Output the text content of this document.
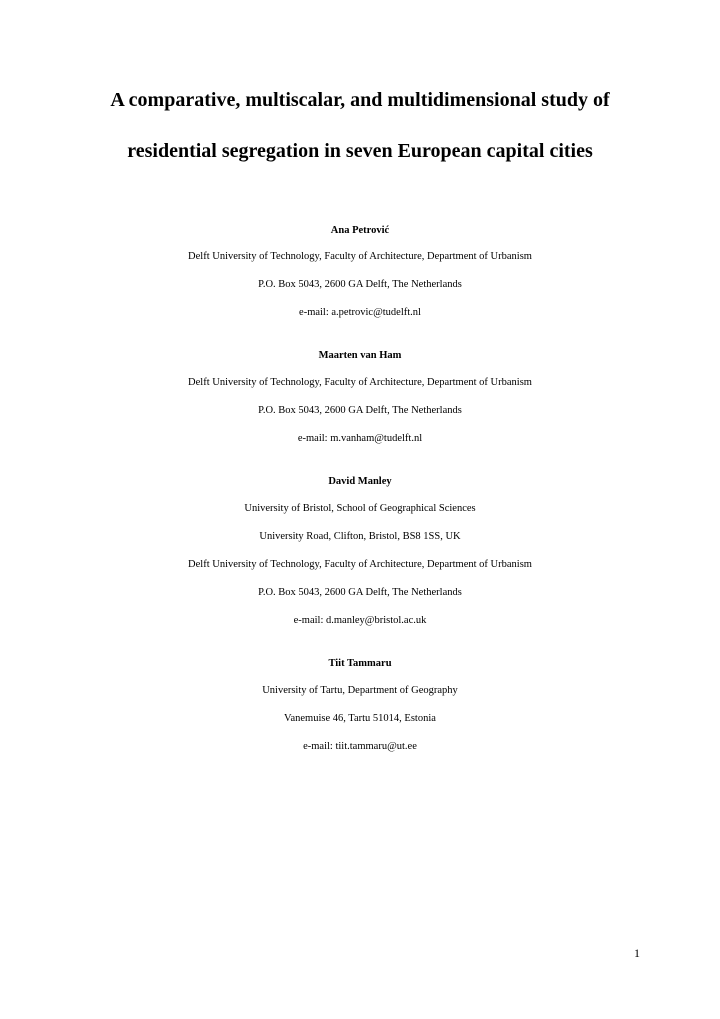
A comparative, multiscalar, and multidimensional study of
residential segregation in seven European capital cities
Ana Petrović
Delft University of Technology, Faculty of Architecture, Department of Urbanism
P.O. Box 5043, 2600 GA Delft, The Netherlands
e-mail: a.petrovic@tudelft.nl
Maarten van Ham
Delft University of Technology, Faculty of Architecture, Department of Urbanism
P.O. Box 5043, 2600 GA Delft, The Netherlands
e-mail: m.vanham@tudelft.nl
David Manley
University of Bristol, School of Geographical Sciences
University Road, Clifton, Bristol, BS8 1SS, UK
Delft University of Technology, Faculty of Architecture, Department of Urbanism
P.O. Box 5043, 2600 GA Delft, The Netherlands
e-mail: d.manley@bristol.ac.uk
Tiit Tammaru
University of Tartu, Department of Geography
Vanemuise 46, Tartu 51014, Estonia
e-mail: tiit.tammaru@ut.ee
1
